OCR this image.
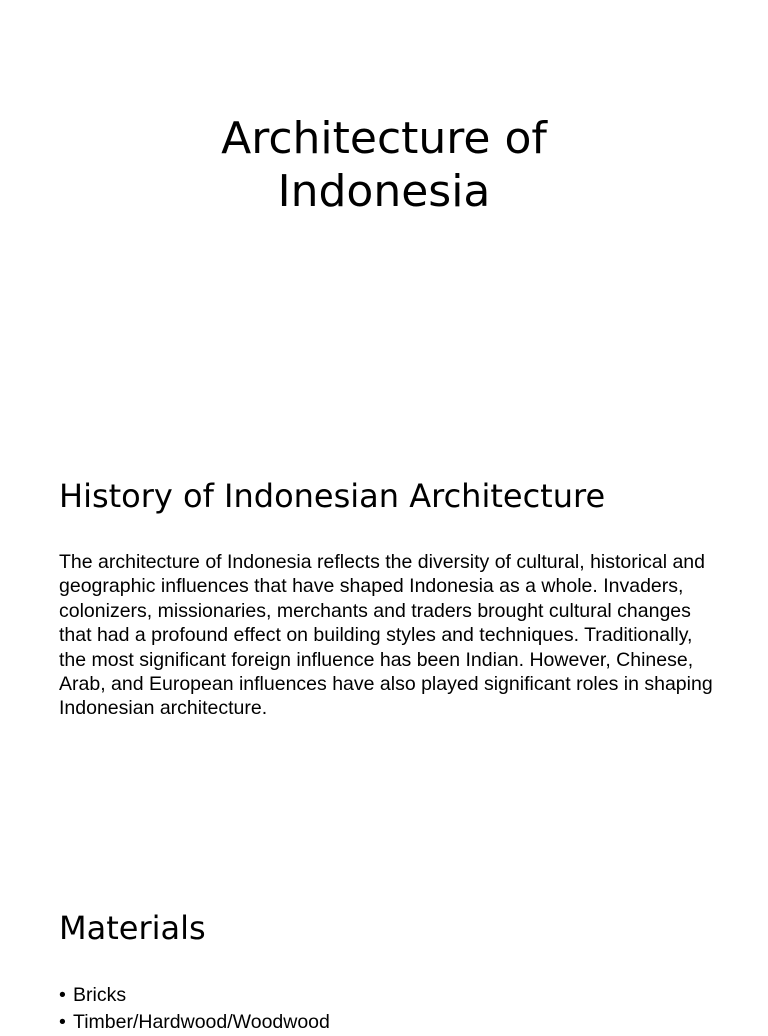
Architecture of
Indonesia
History of Indonesian Architecture

The architecture of Indonesia reflects the diversity of cultural, historical and geographic influences that have shaped Indonesia as a whole. Invaders, colonizers, missionaries, merchants and traders brought cultural changes that had a profound effect on building styles and techniques. Traditionally, the most significant foreign influence has been Indian. However, Chinese, Arab, and European influences have also played significant roles in shaping Indonesian architecture.

Materials
• Bricks
• Timber/Hardwood/Woodwood
